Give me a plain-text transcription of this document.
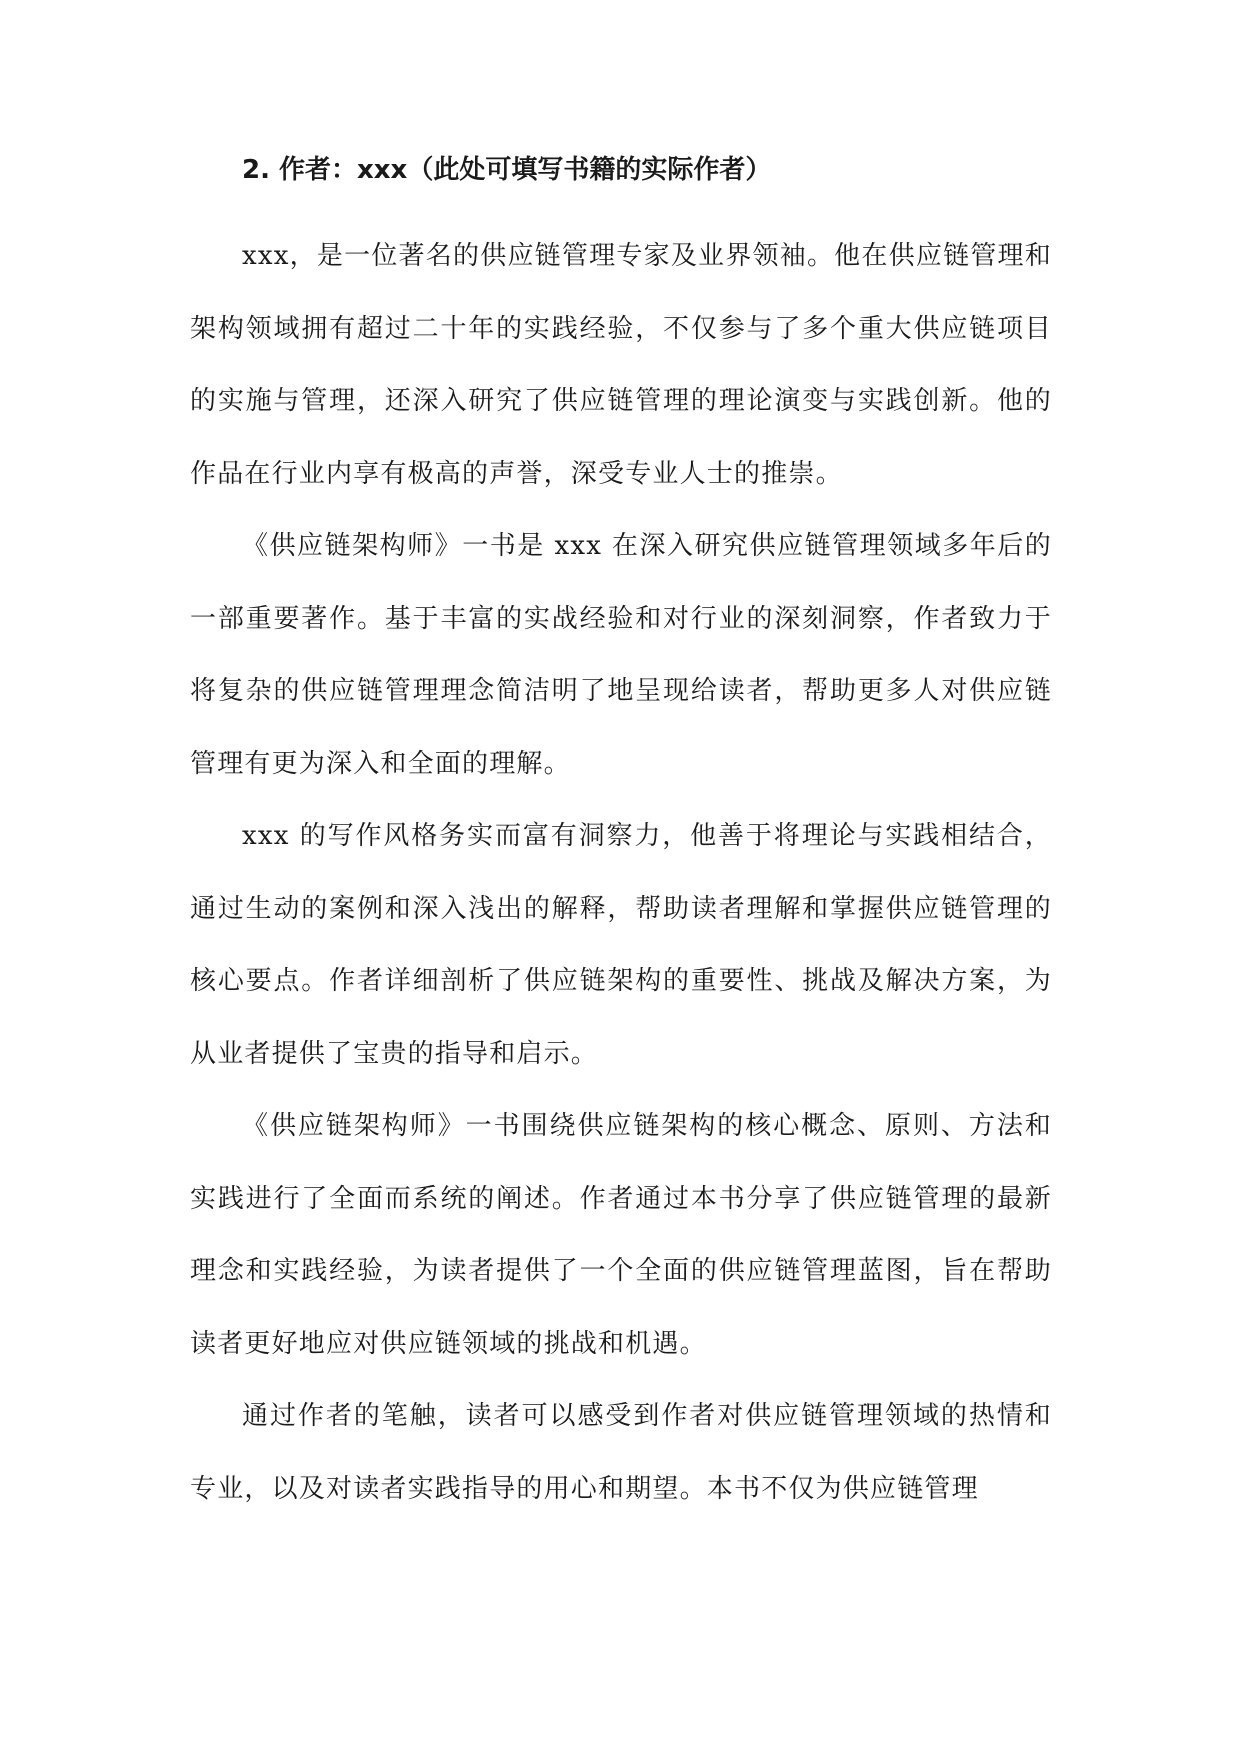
2. 作者：xxx（此处可填写书籍的实际作者）

xxx，是一位著名的供应链管理专家及业界领袖。他在供应链管理和架构领域拥有超过二十年的实践经验，不仅参与了多个重大供应链项目的实施与管理，还深入研究了供应链管理的理论演变与实践创新。他的作品在行业内享有极高的声誉，深受专业人士的推崇。

《供应链架构师》一书是 xxx 在深入研究供应链管理领域多年后的一部重要著作。基于丰富的实战经验和对行业的深刻洞察，作者致力于将复杂的供应链管理理念简洁明了地呈现给读者，帮助更多人对供应链管理有更为深入和全面的理解。

xxx 的写作风格务实而富有洞察力，他善于将理论与实践相结合，通过生动的案例和深入浅出的解释，帮助读者理解和掌握供应链管理的核心要点。作者详细剖析了供应链架构的重要性、挑战及解决方案，为从业者提供了宝贵的指导和启示。

《供应链架构师》一书围绕供应链架构的核心概念、原则、方法和实践进行了全面而系统的阐述。作者通过本书分享了供应链管理的最新理念和实践经验，为读者提供了一个全面的供应链管理蓝图，旨在帮助读者更好地应对供应链领域的挑战和机遇。

通过作者的笔触，读者可以感受到作者对供应链管理领域的热情和专业，以及对读者实践指导的用心和期望。本书不仅为供应链管理
